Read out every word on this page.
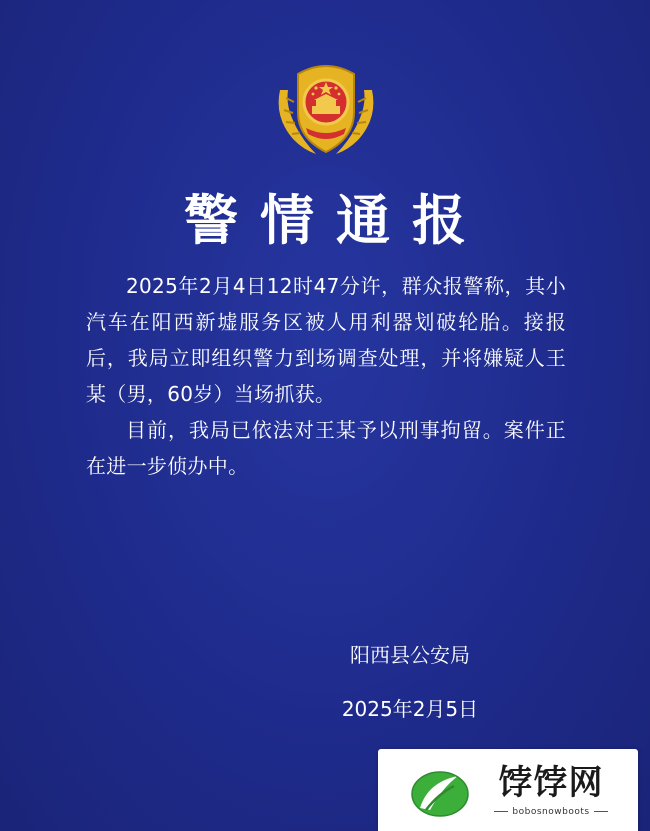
警情通报

2025年2月4日12时47分许，群众报警称，其小汽车在阳西新墟服务区被人用利器划破轮胎。接报后，我局立即组织警力到场调查处理，并将嫌疑人王某（男，60岁）当场抓获。

目前，我局已依法对王某予以刑事拘留。案件正在进一步侦办中。

阳西县公安局
2025年2月5日
饽饽网
bobosnowboots
